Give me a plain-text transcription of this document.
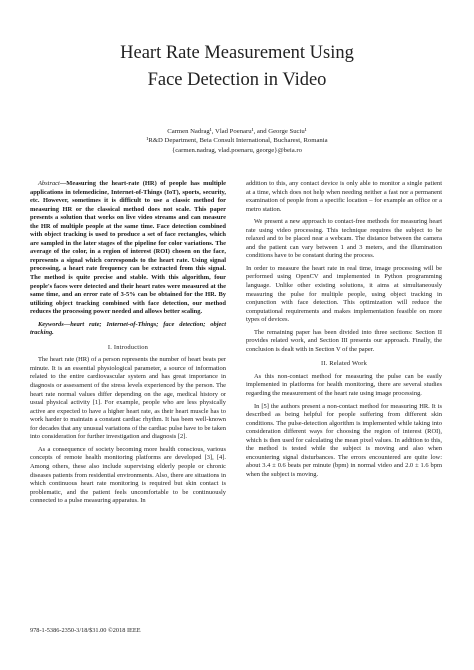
Heart Rate Measurement Using
Face Detection in Video
Carmen Nadrag¹, Vlad Poenaru¹, and George Suciu¹
¹R&D Department, Beia Consult International, Bucharest, Romania
{carmen.nadrag, vlad.poenaru, george}@beia.ro

Abstract—Measuring the heart-rate (HR) of people has multiple applications in telemedicine, Internet-of-Things (IoT), sports, security, etc. However, sometimes it is difficult to use a classic method for measuring HR or the classical method does not scale. This paper presents a solution that works on live video streams and can measure the HR of multiple people at the same time. Face detection combined with object tracking is used to produce a set of face rectangles, which are sampled in the later stages of the pipeline for color variations. The average of the color, in a region of interest (ROI) chosen on the face, represents a signal which corresponds to the heart rate. Using signal processing, a heart rate frequency can be extracted from this signal. The method is quite precise and stable. With this algorithm, four people's faces were detected and their heart rates were measured at the same time, and an error rate of 3-5% can be obtained for the HR. By utilizing object tracking combined with face detection, our method reduces the processing power needed and allows better scaling.

Keywords—heart rate; Internet-of-Things; face detection; object tracking.

I. Introduction

The heart rate (HR) of a person represents the number of heart beats per minute. It is an essential physiological parameter, a source of information related to the entire cardiovascular system and has great importance in diagnosis or assessment of the stress levels experienced by the person. The heart rate normal values differ depending on the age, medical history or usual physical activity [1]. For example, people who are less physically active are expected to have a higher heart rate, as their heart muscle has to work harder to maintain a constant cardiac rhythm. It has been well-known for decades that any unusual variations of the cardiac pulse have to be taken into consideration for further investigation and diagnosis [2].

As a consequence of society becoming more health conscious, various concepts of remote health monitoring platforms are developed [3], [4]. Among others, these also include supervising elderly people or chronic diseases patients from residential environments. Also, there are situations in which continuous heart rate monitoring is required but skin contact is problematic, and the patient feels uncomfortable to be continuously connected to a pulse measuring apparatus. In

addition to this, any contact device is only able to monitor a single patient at a time, which does not help when needing neither a fast nor a permanent examination of people from a specific location – for example an office or a metro station.

We present a new approach to contact-free methods for measuring heart rate using video processing. This technique requires the subject to be relaxed and to be placed near a webcam. The distance between the camera and the patient can vary between 1 and 3 meters, and the illumination conditions have to be constant during the process.

In order to measure the heart rate in real time, image processing will be performed using OpenCV and implemented in Python programming language. Unlike other existing solutions, it aims at simultaneously measuring the pulse for multiple people, using object tracking in conjunction with face detection. This optimization will reduce the computational requirements and makes implementation feasible on more types of devices.

The remaining paper has been divided into three sections: Section II provides related work, and Section III presents our approach. Finally, the conclusion is dealt with in Section V of the paper.

II. Related Work

As this non-contact method for measuring the pulse can be easily implemented in platforms for health monitoring, there are several studies regarding the measurement of the heart rate using image processing.

In [5] the authors present a non-contact method for measuring HR. It is described as being helpful for people suffering from different skin conditions. The pulse-detection algorithm is implemented while taking into consideration different ways for choosing the region of interest (ROI), which is then used for calculating the mean pixel values. In addition to this, the method is tested while the subject is moving and also when encountering signal disturbances. The errors encountered are quite low: about 3.4 ± 0.6 beats per minute (bpm) in normal video and 2.0 ± 1.6 bpm when the subject is moving.

978-1-5386-2350-3/18/$31.00 ©2018 IEEE
